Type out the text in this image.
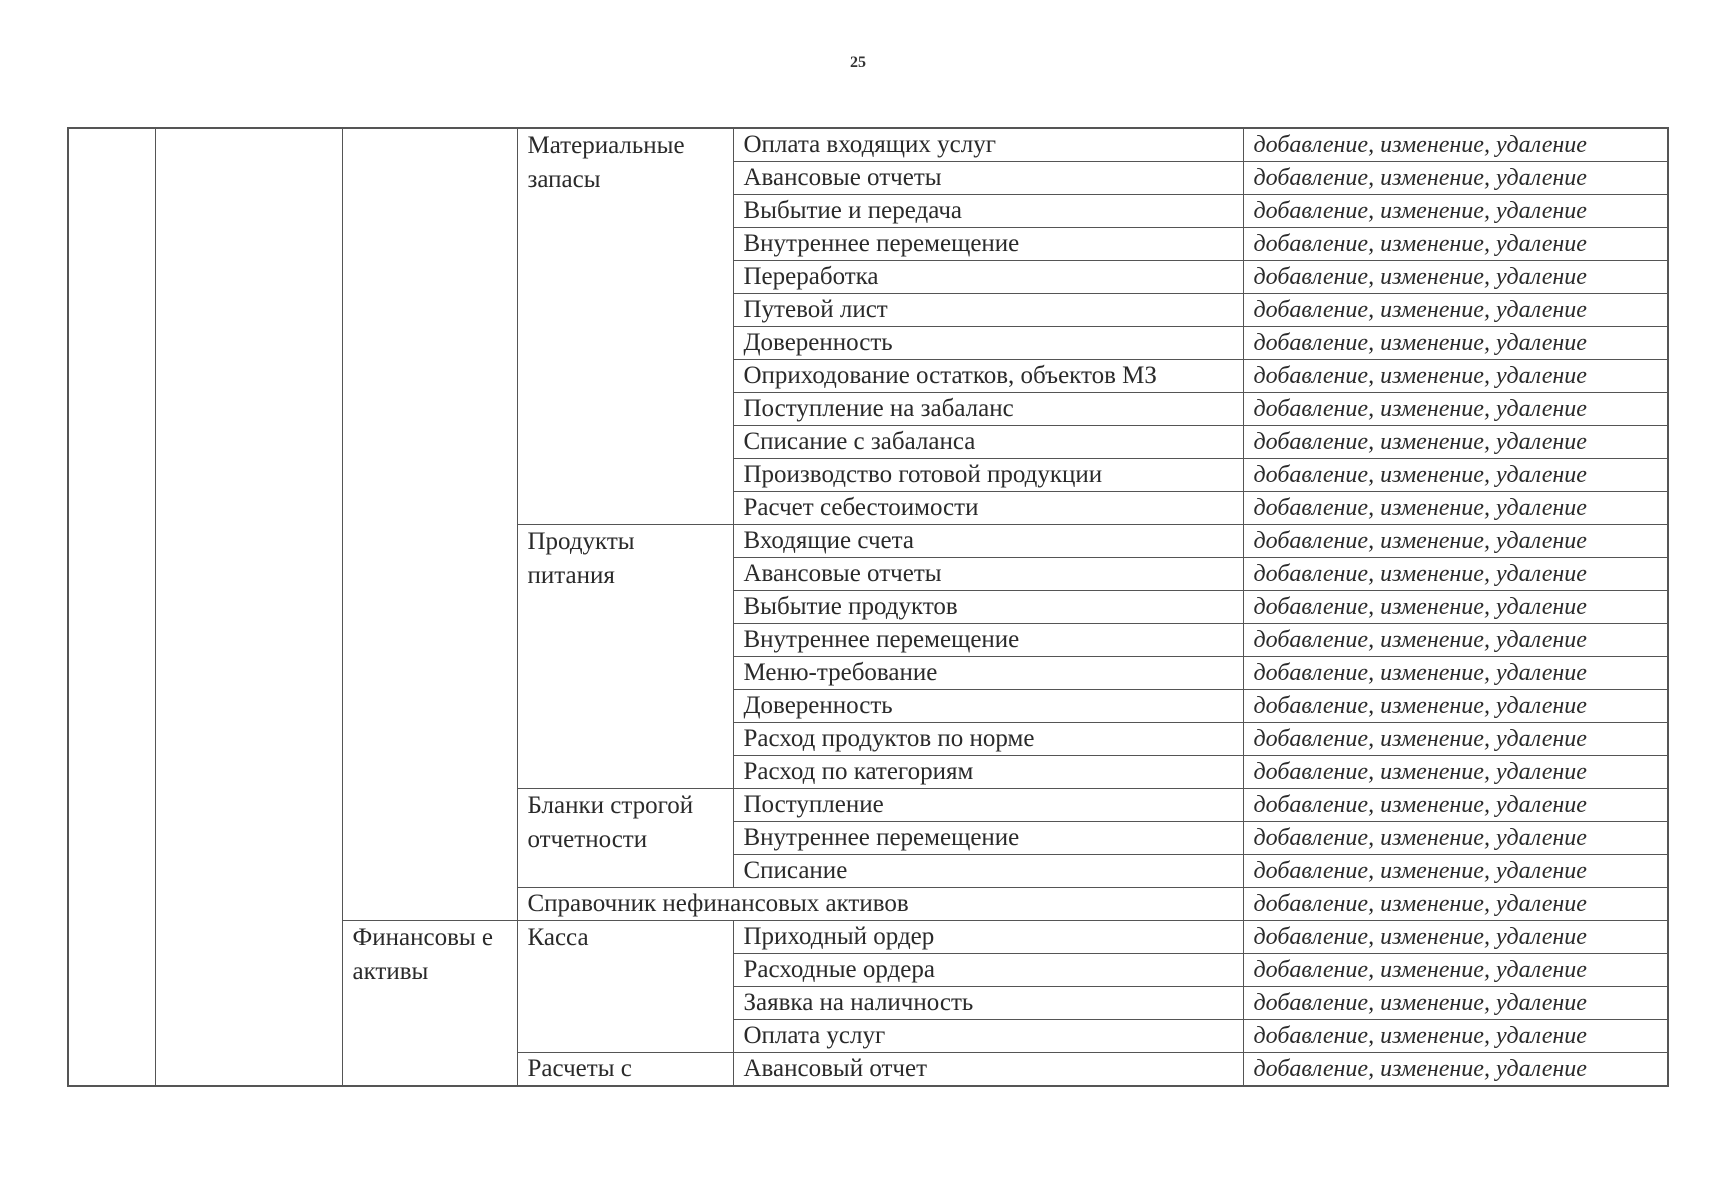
25
			Материальные запасы	Оплата входящих услуг	добавление, изменение, удаление
				Авансовые отчеты	добавление, изменение, удаление
				Выбытие и передача	добавление, изменение, удаление
				Внутреннее перемещение	добавление, изменение, удаление
				Переработка	добавление, изменение, удаление
				Путевой лист	добавление, изменение, удаление
				Доверенность	добавление, изменение, удаление
				Оприходование остатков, объектов МЗ	добавление, изменение, удаление
				Поступление на забаланс	добавление, изменение, удаление
				Списание с забаланса	добавление, изменение, удаление
				Производство готовой продукции	добавление, изменение, удаление
				Расчет себестоимости	добавление, изменение, удаление
			Продукты питания	Входящие счета	добавление, изменение, удаление
				Авансовые отчеты	добавление, изменение, удаление
				Выбытие продуктов	добавление, изменение, удаление
				Внутреннее перемещение	добавление, изменение, удаление
				Меню-требование	добавление, изменение, удаление
				Доверенность	добавление, изменение, удаление
				Расход продуктов по норме	добавление, изменение, удаление
				Расход по категориям	добавление, изменение, удаление
			Бланки строгой отчетности	Поступление	добавление, изменение, удаление
				Внутреннее перемещение	добавление, изменение, удаление
				Списание	добавление, изменение, удаление
			Справочник нефинансовых активов		добавление, изменение, удаление
		Финансовы е активы	Касса	Приходный ордер	добавление, изменение, удаление
				Расходные ордера	добавление, изменение, удаление
				Заявка на наличность	добавление, изменение, удаление
				Оплата услуг	добавление, изменение, удаление
			Расчеты с	Авансовый отчет	добавление, изменение, удаление
